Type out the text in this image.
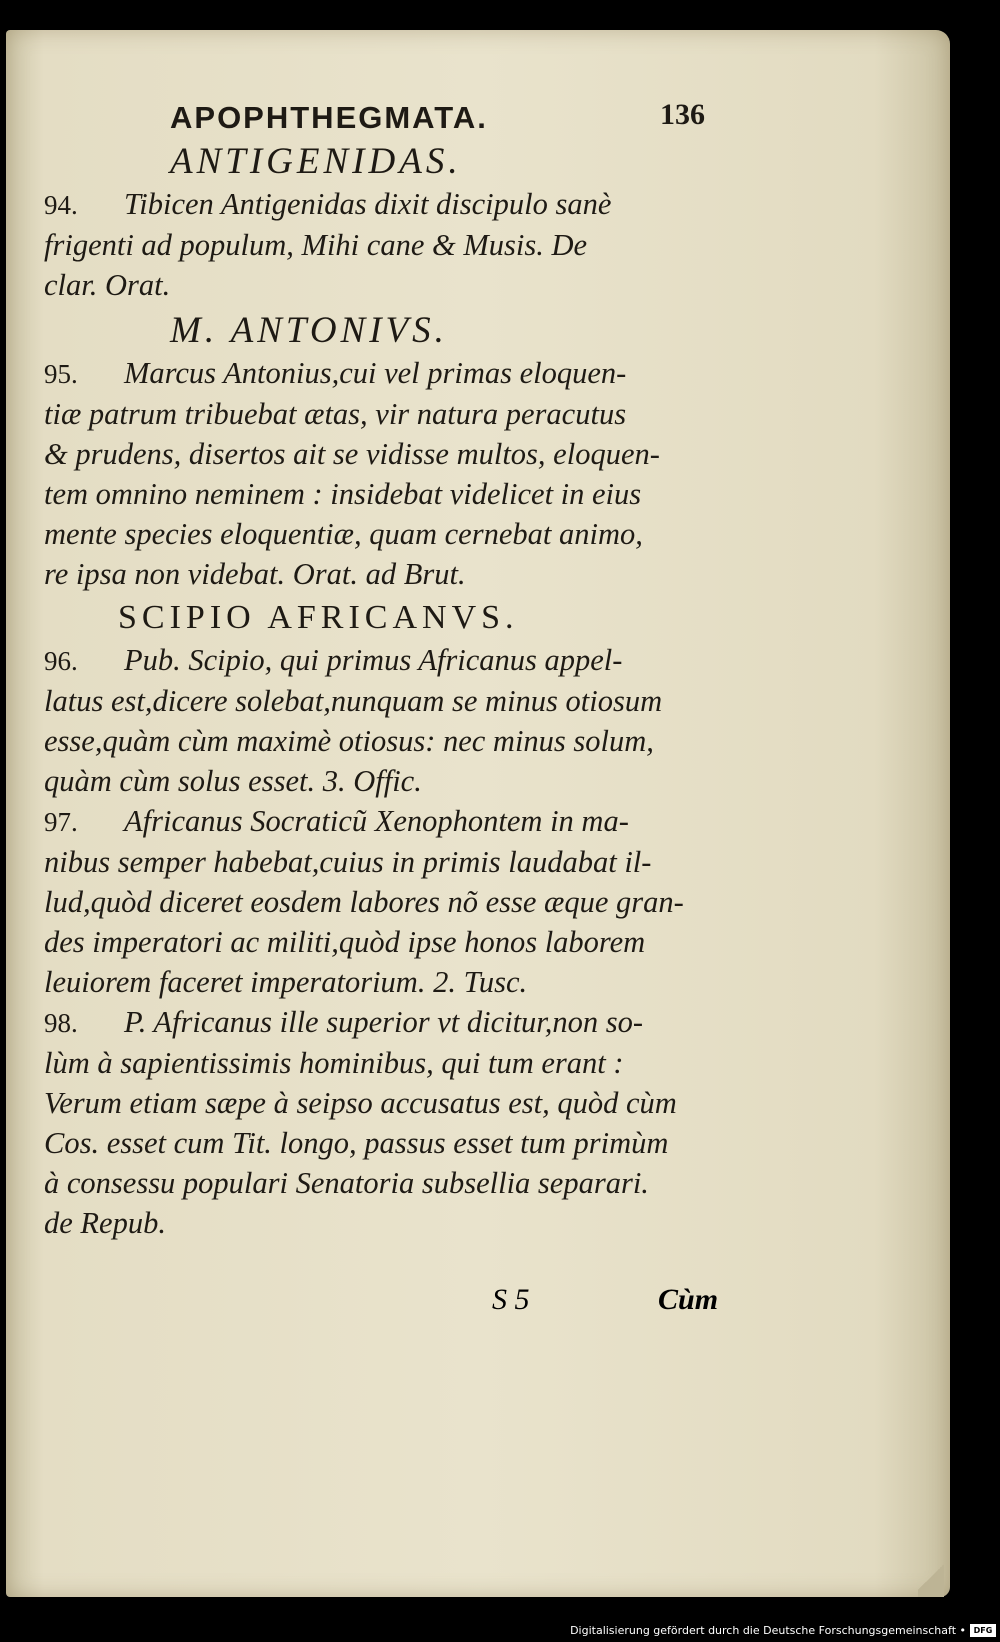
APOPHTHEGMATA.	136

ANTIGENIDAS.

94. Tibicen Antigenidas dixit discipulo sanè

frigenti ad populum, Mihi cane & Musis. De

clar. Orat.

M. ANTONIVS.

95. Marcus Antonius,cui vel primas eloquen-

tiæ patrum tribuebat ætas, vir natura peracutus

& prudens, disertos ait se vidisse multos, eloquen-

tem omnino neminem : insidebat videlicet in eius

mente species eloquentiæ, quam cernebat animo,

re ipsa non videbat. Orat. ad Brut.

SCIPIO AFRICANVS.

96. Pub. Scipio, qui primus Africanus appel-

latus est,dicere solebat,nunquam se minus otiosum

esse,quàm cùm maximè otiosus: nec minus solum,

quàm cùm solus esset. 3. Offic.

97. Africanus Socraticũ Xenophontem in ma-

nibus semper habebat,cuius in primis laudabat il-

lud,quòd diceret eosdem labores nõ esse æque gran-

des imperatori ac militi,quòd ipse honos laborem

leuiorem faceret imperatorium. 2. Tusc.

98. P. Africanus ille superior vt dicitur,non so-

lùm à sapientissimis hominibus, qui tum erant :

Verum etiam sæpe à seipso accusatus est, quòd cùm

Cos. esset cum Tit. longo, passus esset tum primùm

à consessu populari Senatoria subsellia separari.

de Repub.

S 5	Cùm
Digitalisierung gefördert durch die Deutsche Forschungsgemeinschaft • DFG
